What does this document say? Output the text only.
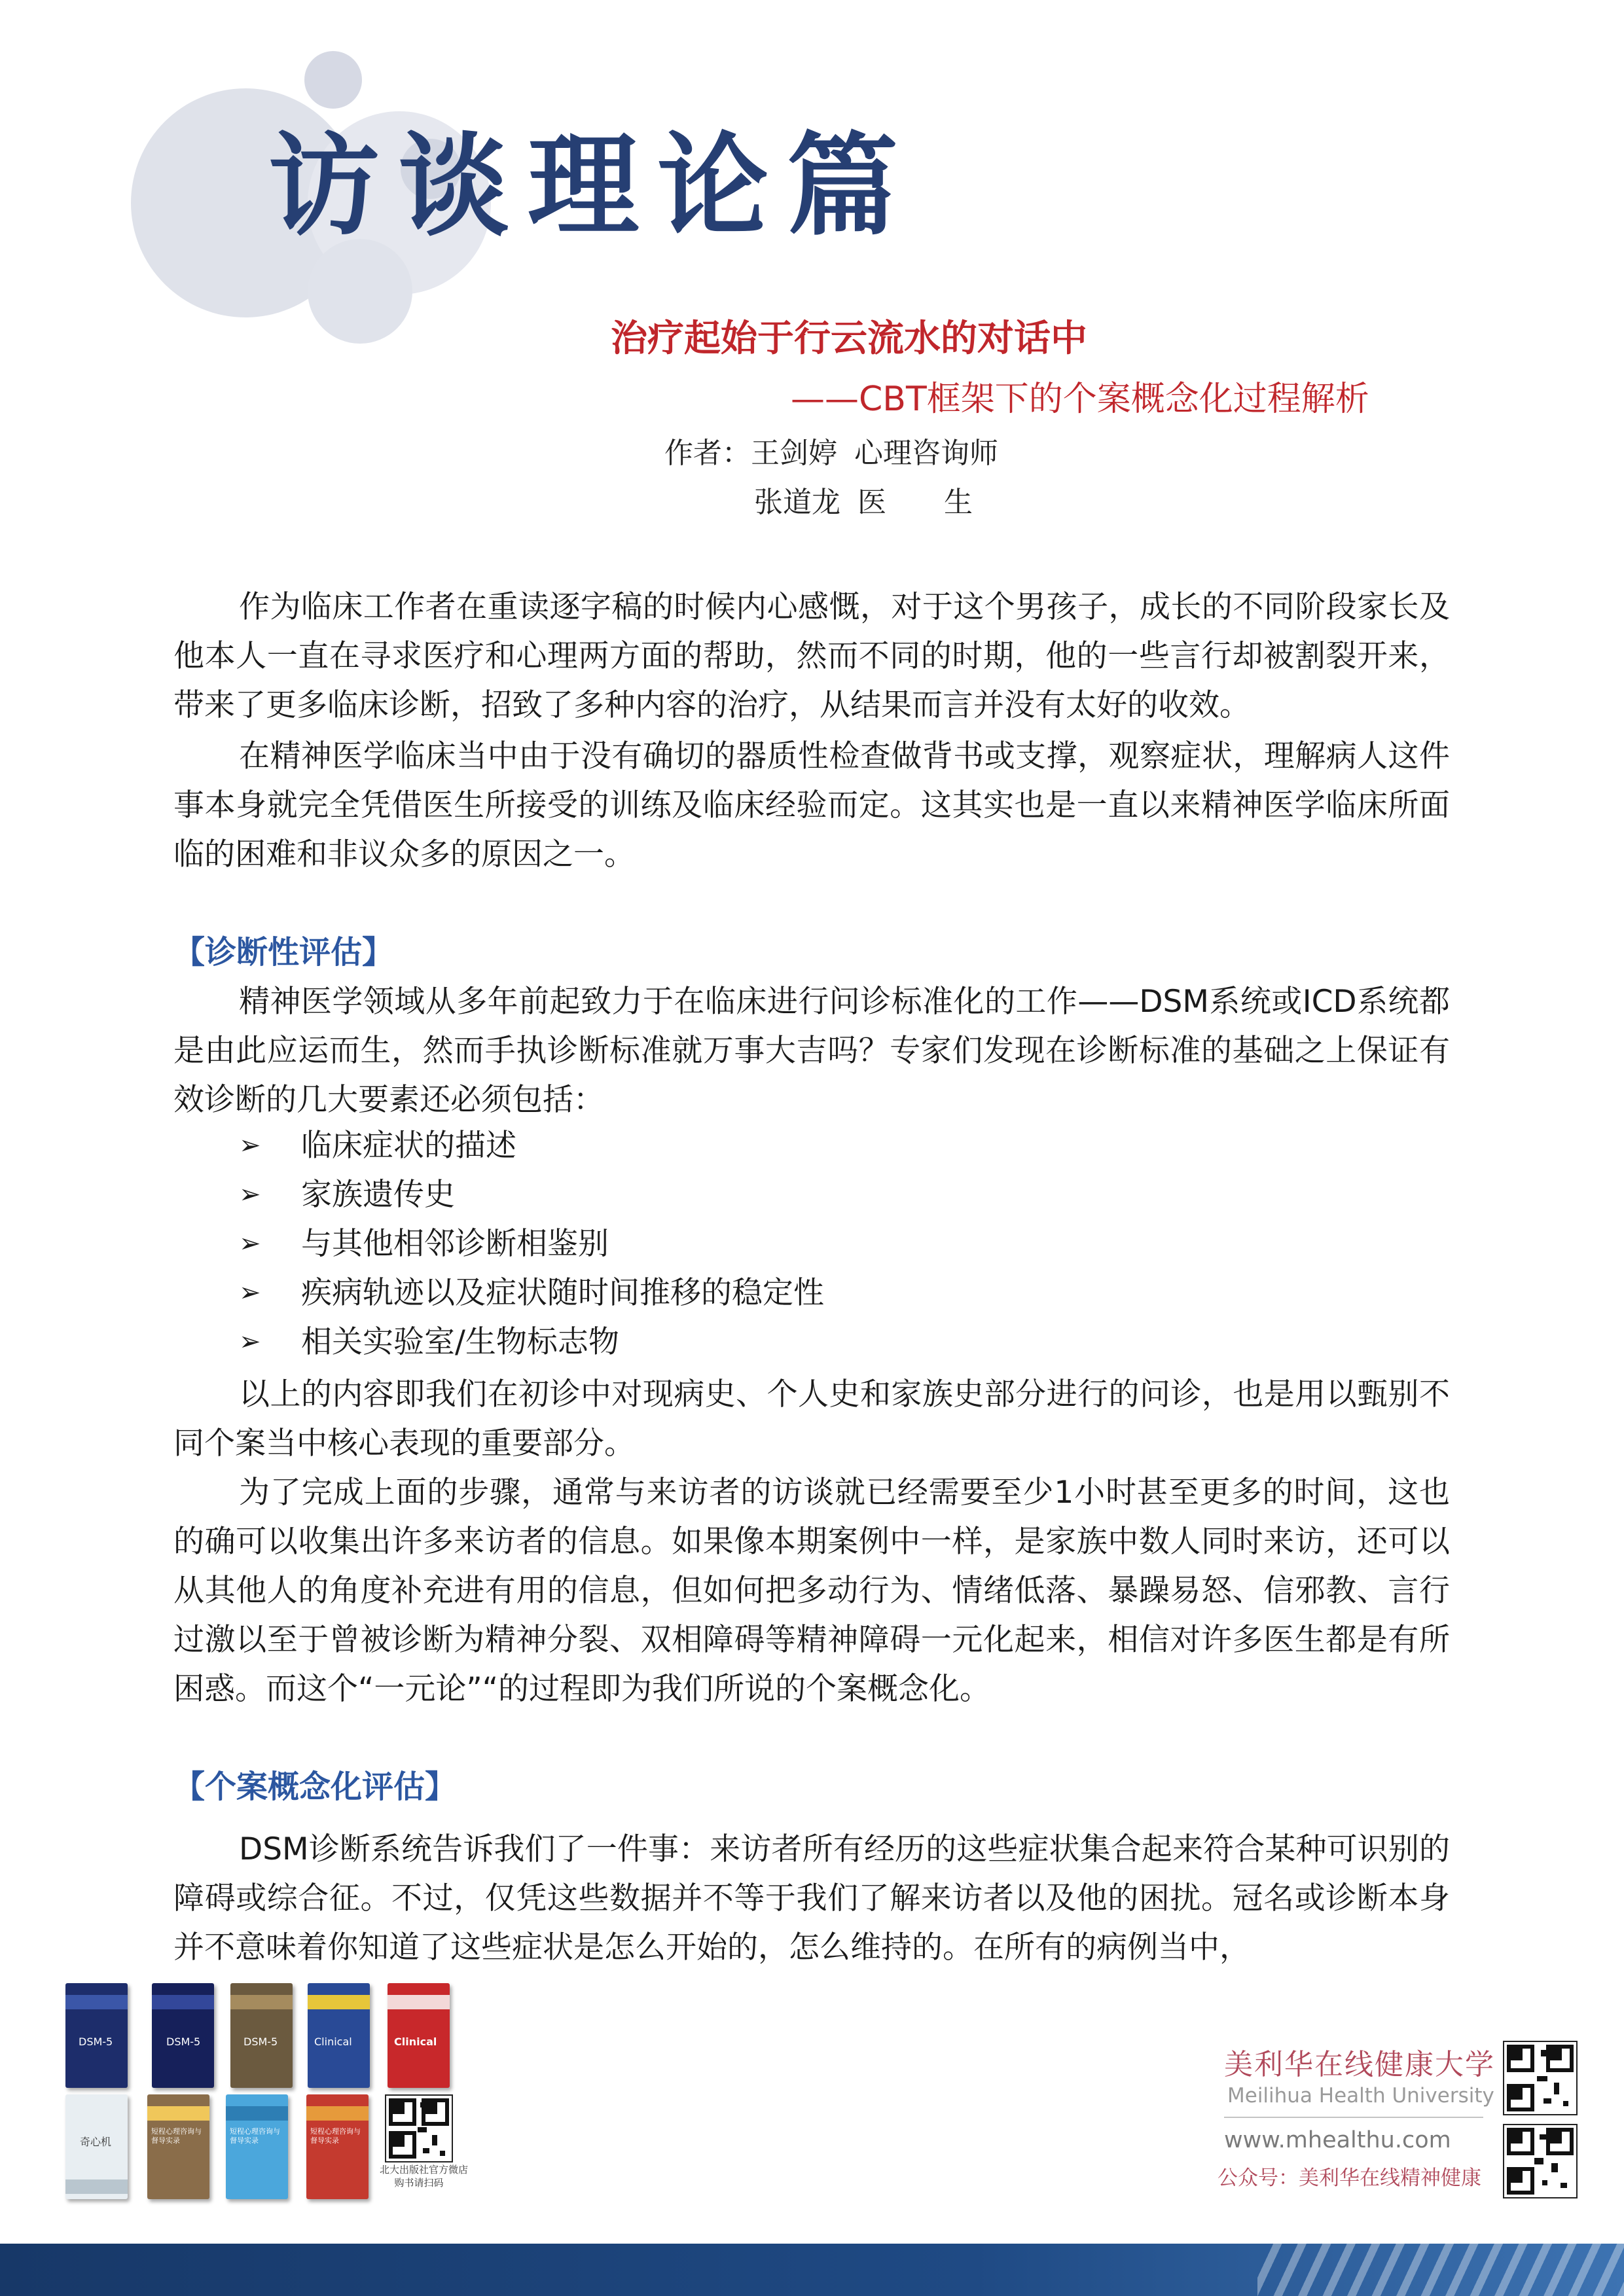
访谈理论篇
治疗起始于行云流水的对话中
——CBT框架下的个案概念化过程解析
作者：王剑婷 心理咨询师
张道龙 医　　生

作为临床工作者在重读逐字稿的时候内心感慨，对于这个男孩子，成长的不同阶段家长及他本人一直在寻求医疗和心理两方面的帮助，然而不同的时期，他的一些言行却被割裂开来，带来了更多临床诊断，招致了多种内容的治疗，从结果而言并没有太好的收效。

在精神医学临床当中由于没有确切的器质性检查做背书或支撑，观察症状，理解病人这件事本身就完全凭借医生所接受的训练及临床经验而定。这其实也是一直以来精神医学临床所面临的困难和非议众多的原因之一。

【诊断性评估】

精神医学领域从多年前起致力于在临床进行问诊标准化的工作——DSM系统或ICD系统都是由此应运而生，然而手执诊断标准就万事大吉吗？专家们发现在诊断标准的基础之上保证有效诊断的几大要素还必须包括：

➢	临床症状的描述
➢	家族遗传史
➢	与其他相邻诊断相鉴别
➢	疾病轨迹以及症状随时间推移的稳定性
➢	相关实验室/生物标志物

以上的内容即我们在初诊中对现病史、个人史和家族史部分进行的问诊，也是用以甄别不同个案当中核心表现的重要部分。

为了完成上面的步骤，通常与来访者的访谈就已经需要至少1小时甚至更多的时间，这也的确可以收集出许多来访者的信息。如果像本期案例中一样，是家族中数人同时来访，还可以从其他人的角度补充进有用的信息，但如何把多动行为、情绪低落、暴躁易怒、信邪教、言行过激以至于曾被诊断为精神分裂、双相障碍等精神障碍一元化起来，相信对许多医生都是有所困惑。而这个“一元论”“的过程即为我们所说的个案概念化。

【个案概念化评估】

DSM诊断系统告诉我们了一件事：来访者所有经历的这些症状集合起来符合某种可识别的障碍或综合征。不过，仅凭这些数据并不等于我们了解来访者以及他的困扰。冠名或诊断本身并不意味着你知道了这些症状是怎么开始的，怎么维持的。在所有的病例当中，

DSM-5	DSM-5	DSM-5	Clinical	Clinical
奇心机
短程心理咨询与督导实录
短程心理咨询与督导实录
短程心理咨询与督导实录
北大出版社官方微店
购书请扫码
美利华在线健康大学
Meilihua Health University
www.mhealthu.com
公众号：美利华在线精神健康
